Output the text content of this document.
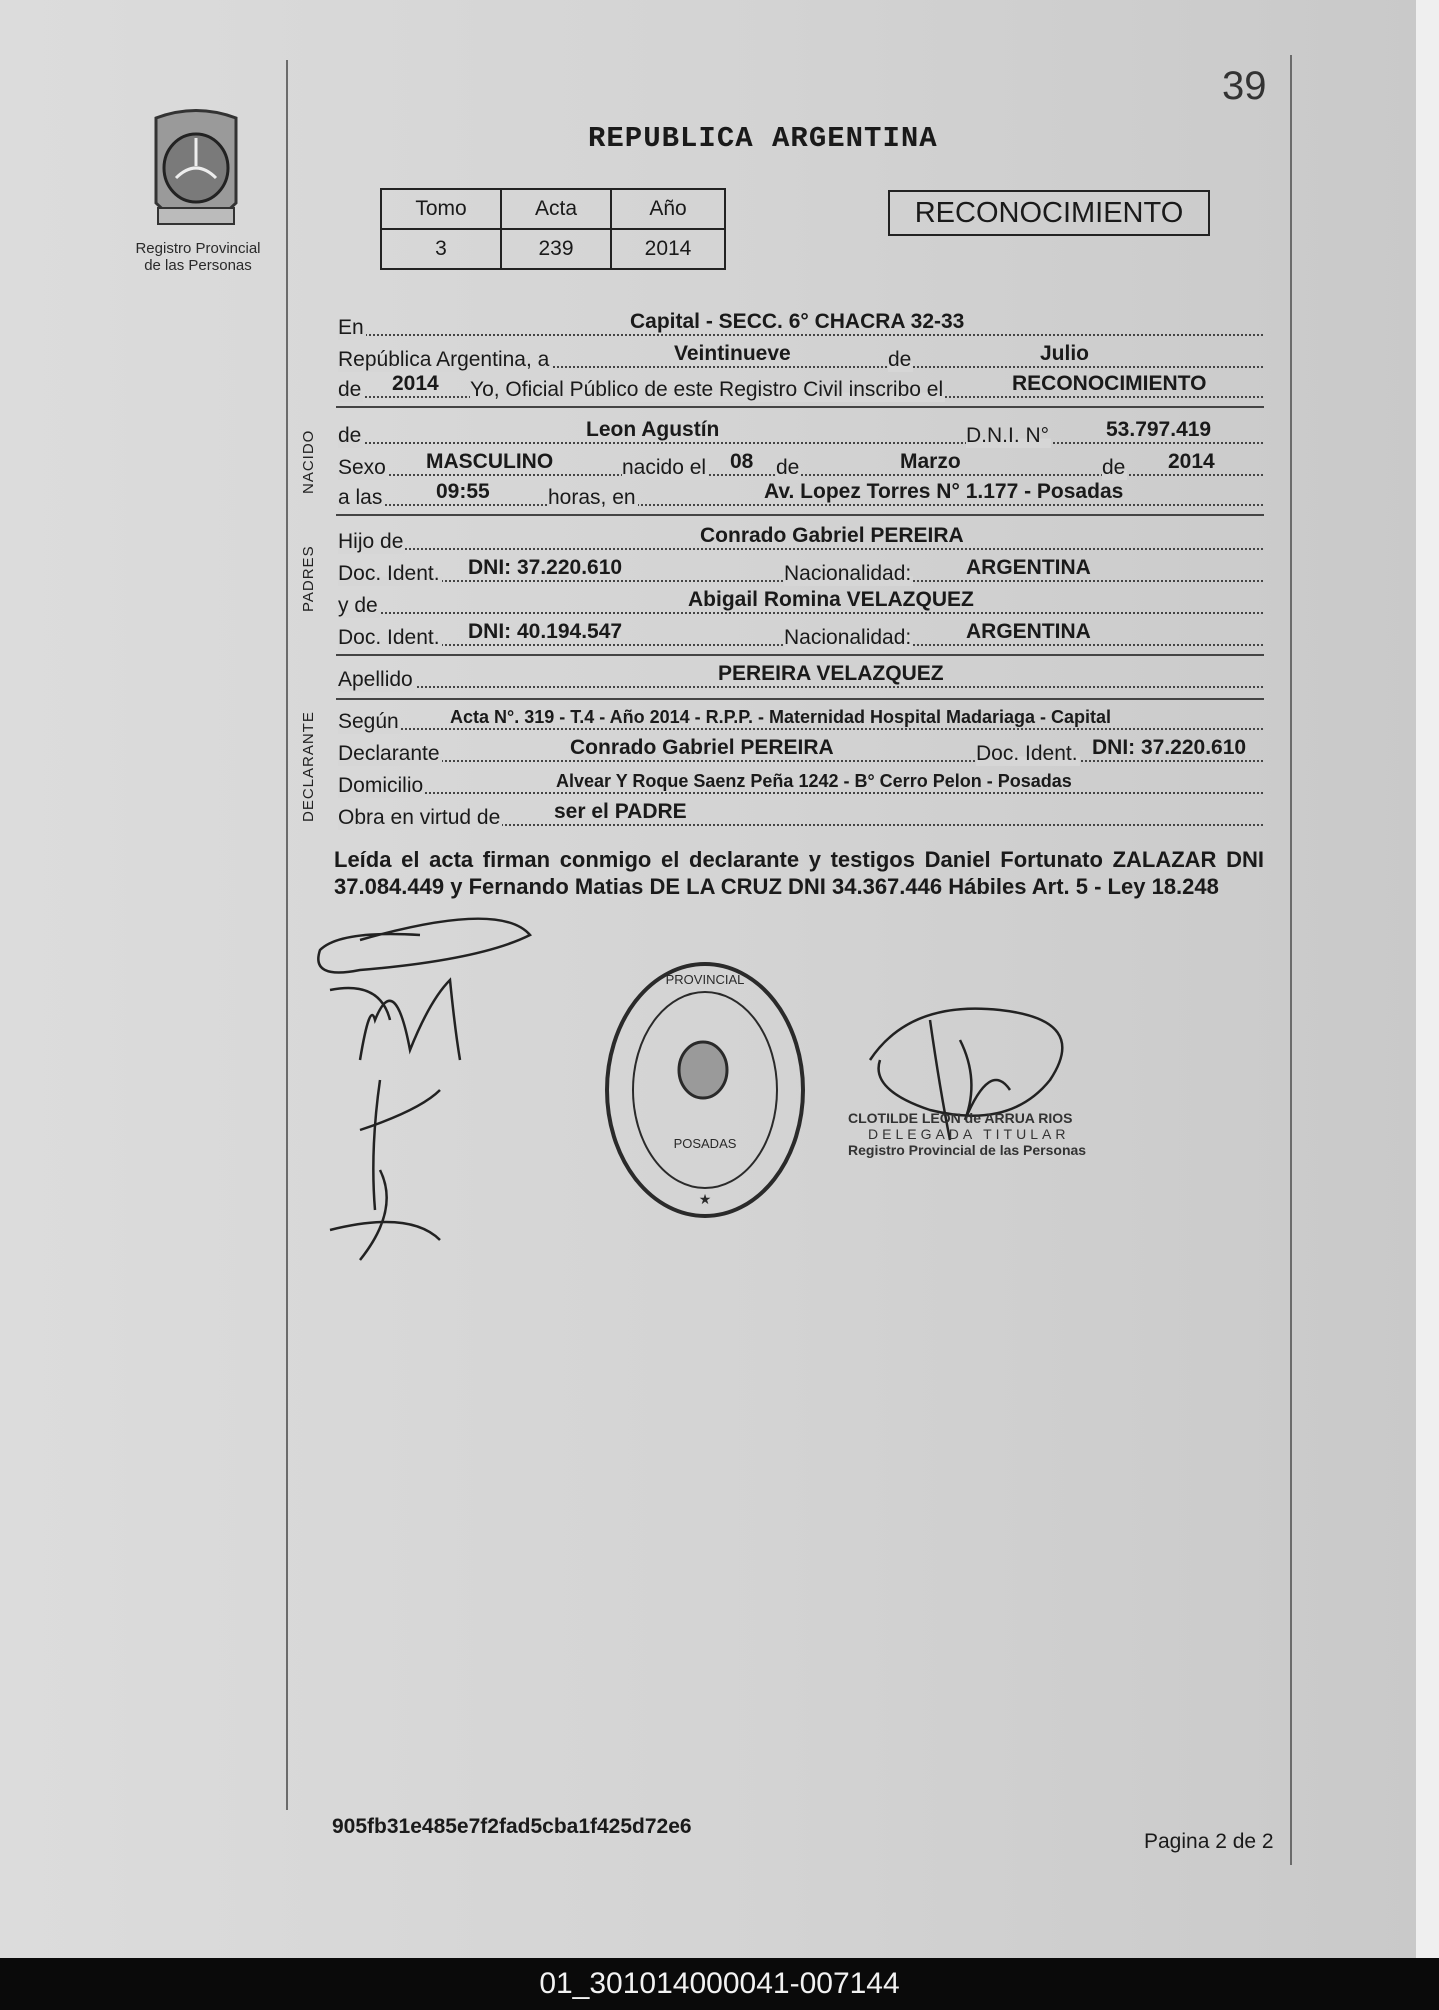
39
Registro Provincial
de las Personas
REPUBLICA ARGENTINA
Tomo	Acta	Año
3	239	2014
RECONOCIMIENTO
NACIDO
PADRES
DECLARANTE
En	Capital - SECC. 6° CHACRA 32-33
República Argentina, a	Veintinueve	de	Julio
de 2014 Yo, Oficial Público de este Registro Civil inscribo el	RECONOCIMIENTO
de	Leon Agustín	D.N.I. N°	53.797.419
Sexo MASCULINO	nacido el 08 de	Marzo	de 2014
a las	09:55	horas, en	Av. Lopez Torres N° 1.177 - Posadas
Hijo de	Conrado Gabriel PEREIRA
Doc. Ident. DNI: 37.220.610	Nacionalidad:	ARGENTINA
y de	Abigail Romina VELAZQUEZ
Doc. Ident. DNI: 40.194.547	Nacionalidad:	ARGENTINA
Apellido	PEREIRA VELAZQUEZ
Según	Acta N°. 319 - T.4 - Año 2014 - R.P.P. - Maternidad Hospital Madariaga - Capital
Declarante	Conrado Gabriel PEREIRA	Doc. Ident. DNI: 37.220.610
Domicilio	Alvear Y Roque Saenz Peña 1242 - B° Cerro Pelon - Posadas
Obra en virtud de	ser el PADRE
Leída el acta firman conmigo el declarante y testigos Daniel Fortunato ZALAZAR DNI 37.084.449 y Fernando Matias DE LA CRUZ DNI 34.367.446 Hábiles Art. 5 - Ley 18.248
PROVINCIAL
POSADAS
★
CLOTILDE LEON de ARRUA RIOS
DELEGADA TITULAR
Registro Provincial de las Personas
905fb31e485e7f2fad5cba1f425d72e6
Pagina 2 de 2
01_301014000041-007144
